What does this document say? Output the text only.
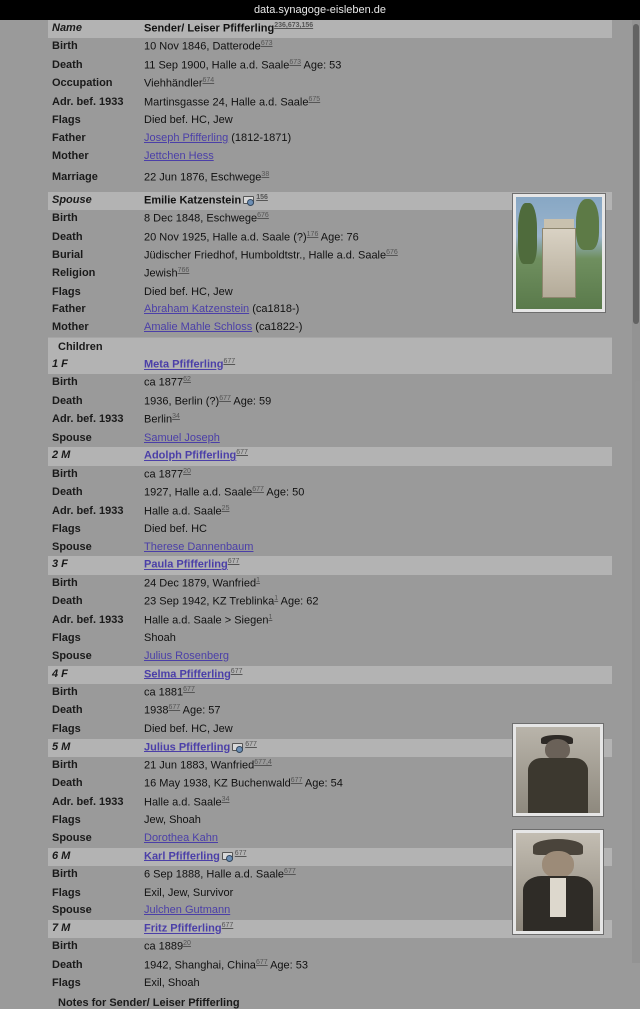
data.synagoge-eisleben.de
Name	Sender/ Leiser Pfifferling$^{236,673,156}$
Birth	10 Nov 1846, Datterode$^{673}$
Death	11 Sep 1900, Halle a.d. Saale$^{673}$ Age: 53
Occupation	Viehhändler$^{674}$
Adr. bef. 1933	Martinsgasse 24, Halle a.d. Saale$^{675}$
Flags	Died bef. HC, Jew
Father	Joseph Pfifferling (1812-1871)
Mother	Jettchen Hess

Marriage	22 Jun 1876, Eschwege$^{38}$

Spouse	Emilie Katzenstein $^{156}$
Birth	8 Dec 1848, Eschwege$^{676}$
Death	20 Nov 1925, Halle a.d. Saale (?)$^{176}$ Age: 76
Burial	Jüdischer Friedhof, Humboldtstr., Halle a.d. Saale$^{676}$
Religion	Jewish$^{766}$
Flags	Died bef. HC, Jew
Father	Abraham Katzenstein (ca1818-)
Mother	Amalie Mahle Schloss (ca1822-)
Children
1 F	Meta Pfifferling$^{677}$
Birth	ca 1877$^{62}$
Death	1936, Berlin (?)$^{677}$ Age: 59
Adr. bef. 1933	Berlin$^{34}$
Spouse	Samuel Joseph
2 M	Adolph Pfifferling$^{677}$
Birth	ca 1877$^{20}$
Death	1927, Halle a.d. Saale$^{677}$ Age: 50
Adr. bef. 1933	Halle a.d. Saale$^{25}$
Flags	Died bef. HC
Spouse	Therese Dannenbaum
3 F	Paula Pfifferling$^{677}$
Birth	24 Dec 1879, Wanfried$^1$
Death	23 Sep 1942, KZ Treblinka$^1$ Age: 62
Adr. bef. 1933	Halle a.d. Saale > Siegen$^1$
Flags	Shoah
Spouse	Julius Rosenberg
4 F	Selma Pfifferling$^{677}$
Birth	ca 1881$^{677}$
Death	1938$^{677}$ Age: 57
Flags	Died bef. HC, Jew
5 M	Julius Pfifferling $^{677}$
Birth	21 Jun 1883, Wanfried$^{677,4}$
Death	16 May 1938, KZ Buchenwald$^{677}$ Age: 54
Adr. bef. 1933	Halle a.d. Saale$^{34}$
Flags	Jew, Shoah
Spouse	Dorothea Kahn
6 M	Karl Pfifferling $^{677}$
Birth	6 Sep 1888, Halle a.d. Saale$^{677}$
Flags	Exil, Jew, Survivor
Spouse	Julchen Gutmann
7 M	Fritz Pfifferling$^{677}$
Birth	ca 1889$^{20}$
Death	1942, Shanghai, China$^{677}$ Age: 53
Flags	Exil, Shoah
Notes for Sender/ Leiser Pfifferling
